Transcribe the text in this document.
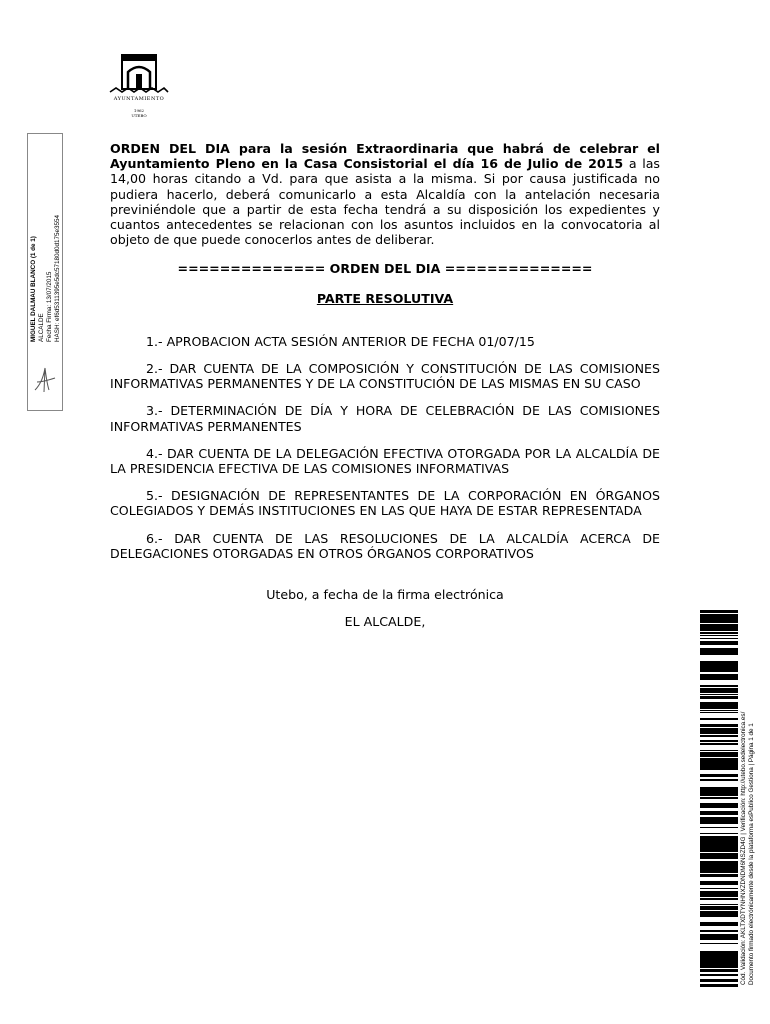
AYUNTAMIENTO
1962
UTEBO
MIGUEL DALMAU BLANCO (1 de 1) ALCALDE Fecha Firma: 13/07/2015 HASH: ef6d5311395e5dc57180d0d175e3554

ORDEN DEL DIA para la sesión Extraordinaria que habrá de celebrar el Ayuntamiento Pleno en la Casa Consistorial el día 16 de Julio de 2015 a las 14,00 horas citando a Vd. para que asista a la misma. Si por causa justificada no pudiera hacerlo, deberá comunicarlo a esta Alcaldía con la antelación necesaria previniéndole que a partir de esta fecha tendrá a su disposición los expedientes y cuantos antecedentes se relacionan con los asuntos incluidos en la convocatoria al objeto de que puede conocerlos antes de deliberar.

============== ORDEN DEL DIA ==============
PARTE RESOLUTIVA

1.- APROBACION ACTA SESIÓN ANTERIOR DE FECHA 01/07/15

2.- DAR CUENTA DE LA COMPOSICIÓN Y CONSTITUCIÓN DE LAS COMISIONES INFORMATIVAS PERMANENTES Y DE LA CONSTITUCIÓN DE LAS MISMAS EN SU CASO

3.- DETERMINACIÓN DE DÍA Y HORA DE CELEBRACIÓN DE LAS COMISIONES INFORMATIVAS PERMANENTES

4.- DAR CUENTA DE LA DELEGACIÓN EFECTIVA OTORGADA POR LA ALCALDÍA DE LA PRESIDENCIA EFECTIVA DE LAS COMISIONES INFORMATIVAS

5.- DESIGNACIÓN DE REPRESENTANTES DE LA CORPORACIÓN EN ÓRGANOS COLEGIADOS Y DEMÁS INSTITUCIONES EN LAS QUE HAYA DE ESTAR REPRESENTADA

6.- DAR CUENTA DE LAS RESOLUCIONES DE LA ALCALDÍA ACERCA DE DELEGACIONES OTORGADAS EN OTROS ÓRGANOS CORPORATIVOS

Utebo, a fecha de la firma electrónica
EL ALCALDE,
Cód. Validación: AKLTXDTYNHNXZDNDM6NSZD4G | Verificación: http://utebo.sedelectronica.es/ Documento firmado electrónicamente desde la plataforma esPublico Gestiona | Página 1 de 1
